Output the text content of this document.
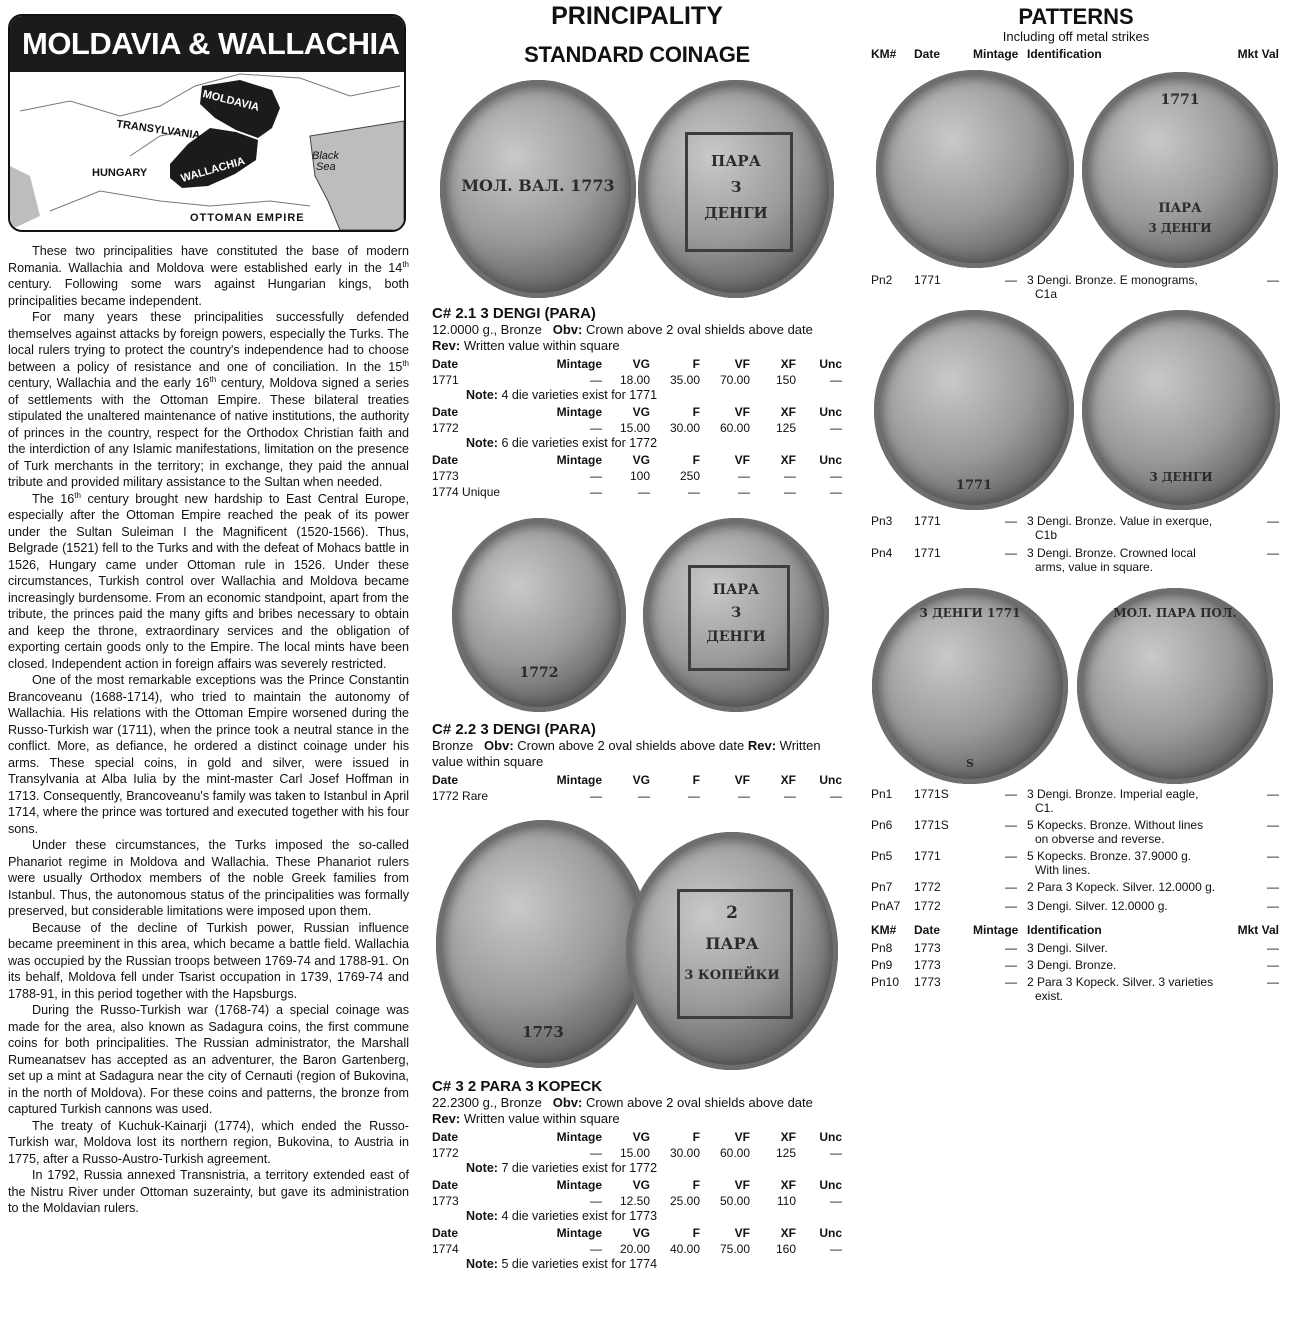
MOLDAVIA & WALLACHIA
MOLDAVIA
TRANSYLVANIA
HUNGARY	WALLACHIA	Black
Sea
OTTOMAN EMPIRE

These two principalities have constituted the base of modern Romania. Wallachia and Moldova were established early in the 14th century. Following some wars against Hungarian kings, both principalities became independent.

For many years these principalities successfully defended themselves against attacks by foreign powers, especially the Turks. The local rulers trying to protect the country's independence had to choose between a policy of resistance and one of conciliation. In the 15th century, Wallachia and the early 16th century, Moldova signed a series of settlements with the Ottoman Empire. These bilateral treaties stipulated the unaltered maintenance of native institutions, the authority of princes in the country, respect for the Orthodox Christian faith and the interdiction of any Islamic manifestations, limitation on the presence of Turk merchants in the territory; in exchange, they paid the annual tribute and provided military assistance to the Sultan when needed.

The 16th century brought new hardship to East Central Europe, especially after the Ottoman Empire reached the peak of its power under the Sultan Suleiman I the Magnificent (1520-1566). Thus, Belgrade (1521) fell to the Turks and with the defeat of Mohacs battle in 1526, Hungary came under Ottoman rule in 1526. Under these circumstances, Turkish control over Wallachia and Moldova became increasingly burdensome. From an economic standpoint, apart from the tribute, the princes paid the many gifts and bribes necessary to obtain and keep the throne, extraordinary services and the obligation of exporting certain goods only to the Empire. The local mints have been closed. Independent action in foreign affairs was severely restricted.

One of the most remarkable exceptions was the Prince Constantin Brancoveanu (1688-1714), who tried to maintain the autonomy of Wallachia. His relations with the Ottoman Empire worsened during the Russo-Turkish war (1711), when the prince took a neutral stance in the conflict. More, as defiance, he ordered a distinct coinage under his arms. These special coins, in gold and silver, were issued in Transylvania at Alba Iulia by the mint-master Carl Josef Hoffman in 1713. Consequently, Brancoveanu's family was taken to Istanbul in April 1714, where the prince was tortured and executed together with his four sons.

Under these circumstances, the Turks imposed the so-called Phanariot regime in Moldova and Wallachia. These Phanariot rulers were usually Orthodox members of the noble Greek families from Istanbul. Thus, the autonomous status of the principalities was formally preserved, but considerable limitations were imposed upon them.

Because of the decline of Turkish power, Russian influence became preeminent in this area, which became a battle field. Wallachia was occupied by the Russian troops between 1769-74 and 1788-91. On its behalf, Moldova fell under Tsarist occupation in 1739, 1769-74 and 1788-91, in this period together with the Hapsburgs.

During the Russo-Turkish war (1768-74) a special coinage was made for the area, also known as Sadagura coins, the first commune coins for both principalities. The Russian administrator, the Marshall Rumeanatsev has accepted as an adventurer, the Baron Gartenberg, set up a mint at Sadagura near the city of Cernauti (region of Bukovina, in the north of Moldova). For these coins and patterns, the bronze from captured Turkish cannons was used.

The treaty of Kuchuk-Kainarji (1774), which ended the Russo-Turkish war, Moldova lost its northern region, Bukovina, to Austria in 1775, after a Russo-Austro-Turkish agreement.

In 1792, Russia annexed Transnistria, a territory extended east of the Nistru River under Ottoman suzerainty, but gave its administration to the Moldavian rulers.

PRINCIPALITY
STANDARD COINAGE
МОЛ. ВАЛ. 1773
ПАРА
З
ДЕНГИ
C# 2.1 3 DENGI (PARA)
12.0000 g., Bronze Obv: Crown above 2 oval shields above date Rev: Written value within square
Date	Mintage	VG	F	VF	XF	Unc
1771	—	18.00	35.00	70.00	150	—
Note: 4 die varieties exist for 1771
Date	Mintage	VG	F	VF	XF	Unc
1772	—	15.00	30.00	60.00	125	—
Note: 6 die varieties exist for 1772
Date	Mintage	VG	F	VF	XF	Unc
1773	—	100	250	—	—	—
1774 Unique	—	—	—	—	—	—
1772
ПАРА
З
ДЕНГИ
C# 2.2 3 DENGI (PARA)
Bronze Obv: Crown above 2 oval shields above date Rev: Written value within square
Date	Mintage	VG	F	VF	XF	Unc
1772 Rare	—	—	—	—	—	—
1773
2
ПАРА
3 КОПЕЙКИ
C# 3 2 PARA 3 KOPECK
22.2300 g., Bronze Obv: Crown above 2 oval shields above date Rev: Written value within square
Date	Mintage	VG	F	VF	XF	Unc
1772	—	15.00	30.00	60.00	125	—
Note: 7 die varieties exist for 1772
Date	Mintage	VG	F	VF	XF	Unc
1773	—	12.50	25.00	50.00	110	—
Note: 4 die varieties exist for 1773
Date	Mintage	VG	F	VF	XF	Unc
1774	—	20.00	40.00	75.00	160	—
Note: 5 die varieties exist for 1774
PATTERNS
Including off metal strikes
KM# Date	Mintage Identification	Mkt Val
1771
ПАРА
3 ДЕНГИ
Pn2 1771	— 3 Dengi. Bronze. E monograms,	—
C1a
1771
3 ДЕНГИ
Pn3 1771	— 3 Dengi. Bronze. Value in exerque,	—
C1b
Pn4 1771	— 3 Dengi. Bronze. Crowned local	—
arms, value in square.
3 ДЕНГИ 1771
S
МОЛ. ПАРА ПОЛ.
Pn1 1771S	— 3 Dengi. Bronze. Imperial eagle,	—
C1.
Pn6 1771S	— 5 Kopecks. Bronze. Without lines	—
on obverse and reverse.
Pn5 1771	— 5 Kopecks. Bronze. 37.9000 g.	—
With lines.
Pn7 1772	— 2 Para 3 Kopeck. Silver. 12.0000 g.	—
PnA7 1772	— 3 Dengi. Silver. 12.0000 g.	—
KM# Date	Mintage Identification	Mkt Val
Pn8 1773	— 3 Dengi. Silver.	—
Pn9 1773	— 3 Dengi. Bronze.	—
Pn10 1773	— 2 Para 3 Kopeck. Silver. 3 varieties	—
exist.
